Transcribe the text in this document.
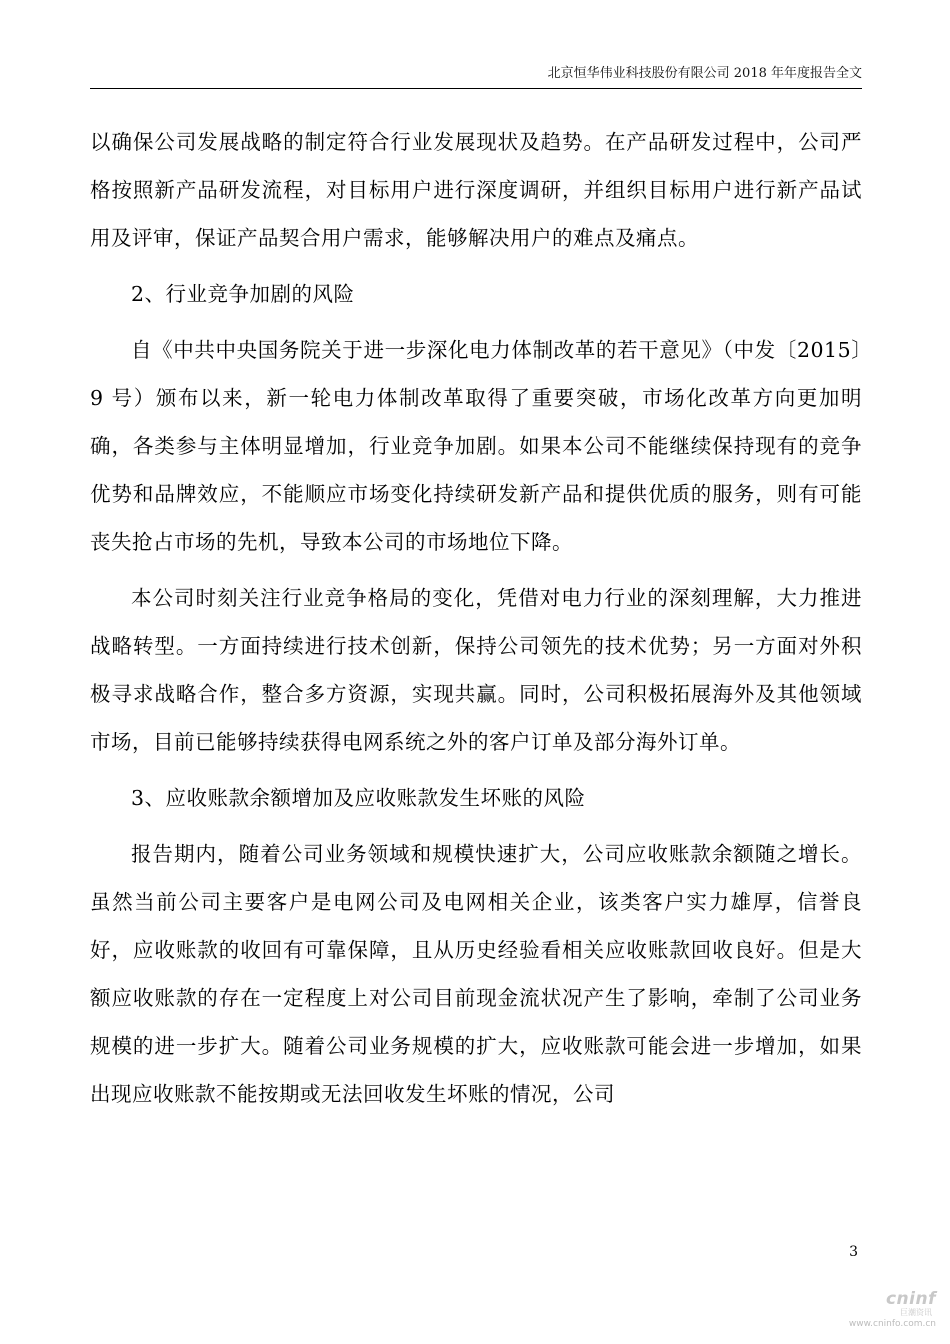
北京恒华伟业科技股份有限公司 2018 年年度报告全文

以确保公司发展战略的制定符合行业发展现状及趋势。在产品研发过程中，公司严格按照新产品研发流程，对目标用户进行深度调研，并组织目标用户进行新产品试用及评审，保证产品契合用户需求，能够解决用户的难点及痛点。

2、行业竞争加剧的风险

自《中共中央国务院关于进一步深化电力体制改革的若干意见》（中发〔2015〕9 号）颁布以来，新一轮电力体制改革取得了重要突破，市场化改革方向更加明确，各类参与主体明显增加，行业竞争加剧。如果本公司不能继续保持现有的竞争优势和品牌效应，不能顺应市场变化持续研发新产品和提供优质的服务，则有可能丧失抢占市场的先机，导致本公司的市场地位下降。

本公司时刻关注行业竞争格局的变化，凭借对电力行业的深刻理解，大力推进战略转型。一方面持续进行技术创新，保持公司领先的技术优势；另一方面对外积极寻求战略合作，整合多方资源，实现共赢。同时，公司积极拓展海外及其他领域市场，目前已能够持续获得电网系统之外的客户订单及部分海外订单。

3、应收账款余额增加及应收账款发生坏账的风险

报告期内，随着公司业务领域和规模快速扩大，公司应收账款余额随之增长。虽然当前公司主要客户是电网公司及电网相关企业，该类客户实力雄厚，信誉良好，应收账款的收回有可靠保障，且从历史经验看相关应收账款回收良好。但是大额应收账款的存在一定程度上对公司目前现金流状况产生了影响，牵制了公司业务规模的进一步扩大。随着公司业务规模的扩大，应收账款可能会进一步增加，如果出现应收账款不能按期或无法回收发生坏账的情况，公司

3
cninf
巨潮资讯
www.cninfo.com.cn
